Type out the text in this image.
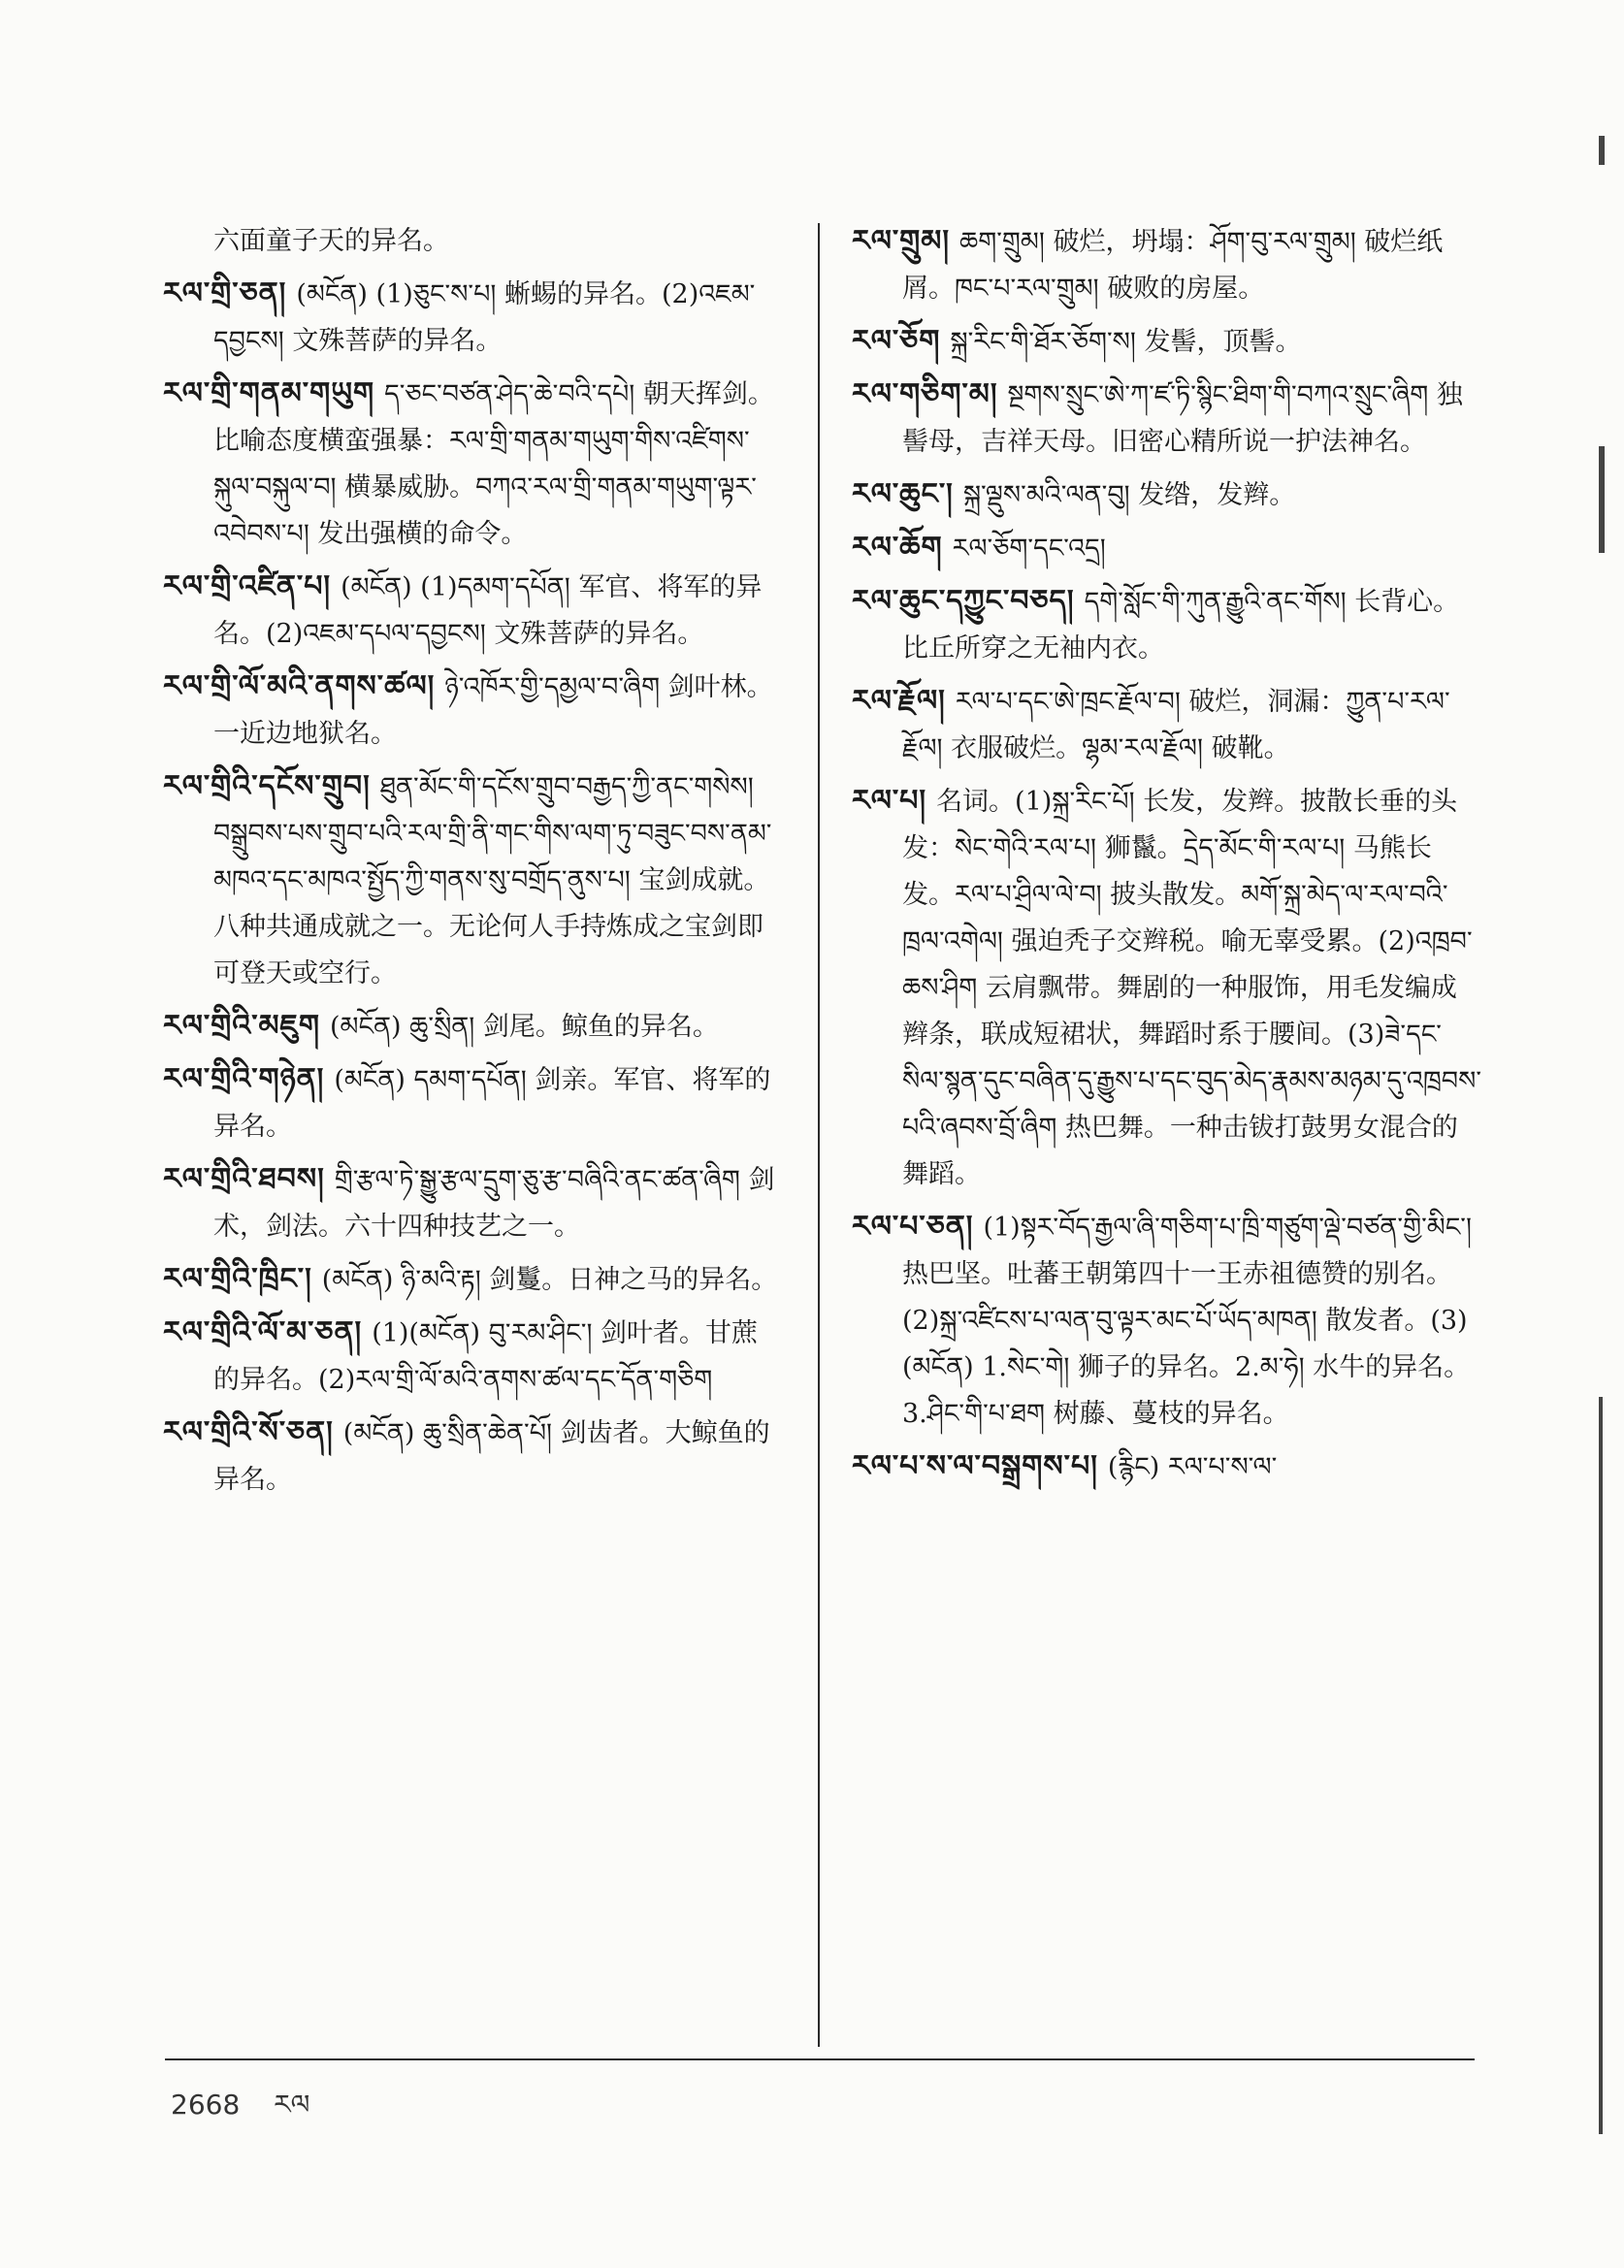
六面童子天的异名。

རལ་གྲི་ཅན། (མངོན) (1)ཅུང་ས་པ། 蜥蜴的异名。(2)འཇམ་དབྱངས། 文殊菩萨的异名。

རལ་གྲི་གནམ་གཡུག ད་ཅང་བཙན་ཤེད་ཆེ་བའི་དཔེ། 朝天挥剑。比喻态度横蛮强暴：རལ་གྲི་གནམ་གཡུག་གིས་འཛིགས་སྐུལ་བསྐུལ་བ། 横暴威胁。བཀའ་རལ་གྲི་གནམ་གཡུག་ལྟར་འབེབས་པ། 发出强横的命令。

རལ་གྲི་འཛིན་པ། (མངོན) (1)དམག་དཔོན། 军官、将军的异名。(2)འཇམ་དཔལ་དབྱངས། 文殊菩萨的异名。

རལ་གྲི་ལོ་མའི་ནགས་ཚལ། ཉེ་འཁོར་གྱི་དམྱལ་བ་ཞིག 剑叶林。一近边地狱名。

རལ་གྲིའི་དངོས་གྲུབ། ཐུན་མོང་གི་དངོས་གྲུབ་བརྒྱད་ཀྱི་ནང་གསེས། བསྒྲུབས་པས་གྲུབ་པའི་རལ་གྲི་ནི་གང་གིས་ལག་ཏུ་བཟུང་བས་ནམ་མཁའ་དང་མཁའ་སྤྱོད་ཀྱི་གནས་སུ་བགྲོད་ནུས་པ། 宝剑成就。八种共通成就之一。无论何人手持炼成之宝剑即可登天或空行。

རལ་གྲིའི་མཇུག (མངོན) ཆུ་སྲིན། 剑尾。鲸鱼的异名。

རལ་གྲིའི་གཉེན། (མངོན) དམག་དཔོན། 剑亲。军官、将军的异名。

རལ་གྲིའི་ཐབས། གྲི་རྩལ་ཏེ་སྒྱུ་རྩལ་དྲུག་ཅུ་རྩ་བཞིའི་ནང་ཚན་ཞིག 剑术，剑法。六十四种技艺之一。

རལ་གྲིའི་ཁྲིང་། (མངོན) ཉི་མའི་རྟ། 剑鬘。日神之马的异名。

རལ་གྲིའི་ལོ་མ་ཅན། (1)(མངོན) བུ་རམ་ཤིང་། 剑叶者。甘蔗的异名。(2)རལ་གྲི་ལོ་མའི་ནགས་ཚལ་དང་དོན་གཅིག

རལ་གྲིའི་སོ་ཅན། (མངོན) ཆུ་སྲིན་ཆེན་པོ། 剑齿者。大鲸鱼的异名。

རལ་གྲུམ། ཆག་གྲུམ། 破烂，坍塌：ཤོག་བུ་རལ་གྲུམ། 破烂纸屑。ཁང་པ་རལ་གྲུམ། 破败的房屋。

རལ་ཅོག སྐྲ་རིང་གི་ཐོར་ཅོག་ས། 发髻，顶髻。

རལ་གཅིག་མ། སྔགས་སྲུང་ཨེ་ཀ་ཛ་ཏི་སྙིང་ཐིག་གི་བཀའ་སྲུང་ཞིག 独髻母，吉祥天母。旧密心精所说一护法神名。

རལ་ཆུང་། སྐྲ་ལྡུས་མའི་ལན་བུ། 发绺，发辫。

རལ་ཆོག རལ་ཅོག་དང་འདྲ།

རལ་ཆུང་དཀྱུང་བཅད། དགེ་སློང་གི་ཀུན་རྒྱུའི་ནང་གོས། 长背心。比丘所穿之无袖内衣。

རལ་རྗོལ། རལ་པ་དང་ཨེ་ཁྲང་རྗོལ་བ། 破烂，洞漏：ཀྱུན་པ་རལ་རྗོལ། 衣服破烂。ལྷམ་རལ་རྗོལ། 破靴。

རལ་པ། 名词。(1)སྐྲ་རིང་པོ། 长发，发辫。披散长垂的头发：སེང་གེའི་རལ་པ། 狮鬣。དྲེད་མོང་གི་རལ་པ། 马熊长发。རལ་པ་ཤྲིལ་ལེ་བ། 披头散发。མགོ་སྐྲ་མེད་ལ་རལ་བའི་ཁྲལ་འགེལ། 强迫秃子交辫税。喻无辜受累。(2)འཁྲབ་ཆས་ཤིག 云肩飘带。舞剧的一种服饰，用毛发编成辫条，联成短裙状，舞蹈时系于腰间。(3)ཟེ་དང་སིལ་སྙན་དུང་བཞིན་དུ་རྒྱུས་པ་དང་བུད་མེད་རྣམས་མཉམ་དུ་འཁྲབས་པའི་ཞབས་བྲོ་ཞིག 热巴舞。一种击钹打鼓男女混合的舞蹈。

རལ་པ་ཅན། (1)སྟར་བོད་རྒྱལ་ཞི་གཅིག་པ་ཁྲི་གཙུག་ལྡེ་བཙན་གྱི་མིང་། 热巴坚。吐蕃王朝第四十一王赤祖德赞的别名。(2)སྐྲ་འཛིངས་པ་ལན་བུ་ལྟར་མང་པོ་ཡོད་མཁན། 散发者。(3)(མངོན) 1.སེང་གེ། 狮子的异名。2.མ་ཧེ། 水牛的异名。3.ཤིང་གི་པ་ཐག 树藤、蔓枝的异名。

རལ་པ་ས་ལ་བསྒྲགས་པ། (རྙིང) རལ་པ་ས་ལ་

2668 རལ
